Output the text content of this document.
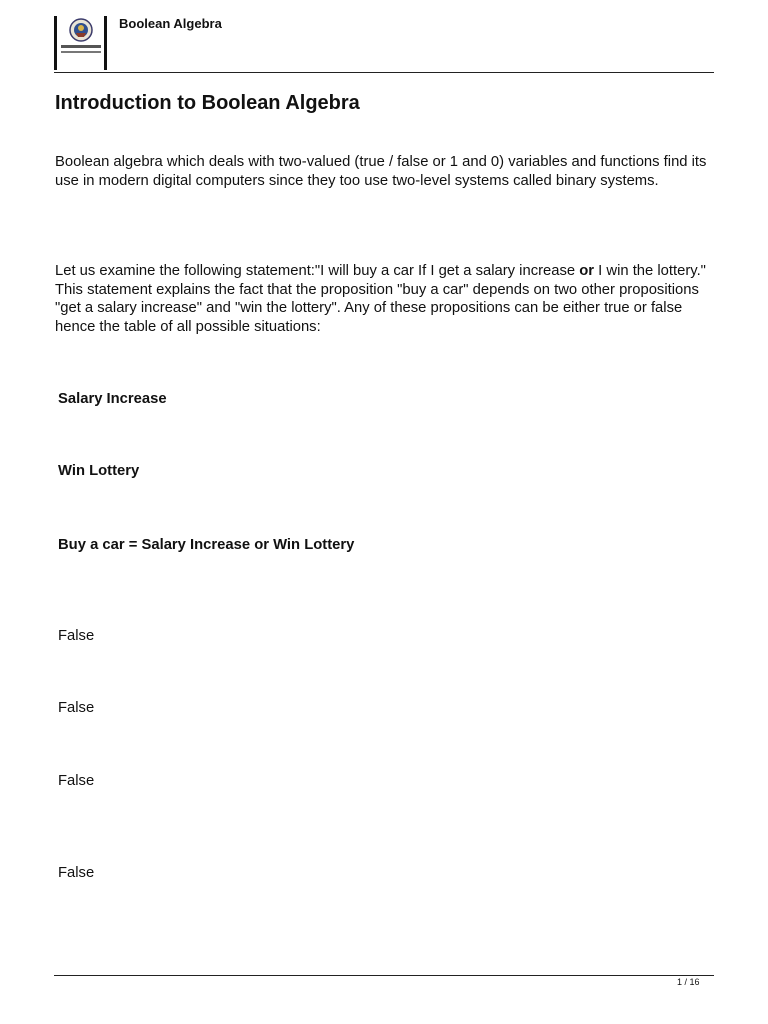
Boolean Algebra
Introduction to Boolean Algebra

Boolean algebra which deals with two-valued (true / false or 1 and 0) variables and functions find its use in modern digital computers since they too use two-level systems called binary systems.

Let us examine the following statement:"I will buy a car If I get a salary increase or I win the lottery." This statement explains the fact that the proposition "buy a car" depends on two other propositions "get a salary increase" and "win the lottery". Any of these propositions can be either true or false hence the table of all possible situations:

Salary Increase
Win Lottery
Buy a car = Salary Increase or Win Lottery
False
False
False
False
1 / 16
